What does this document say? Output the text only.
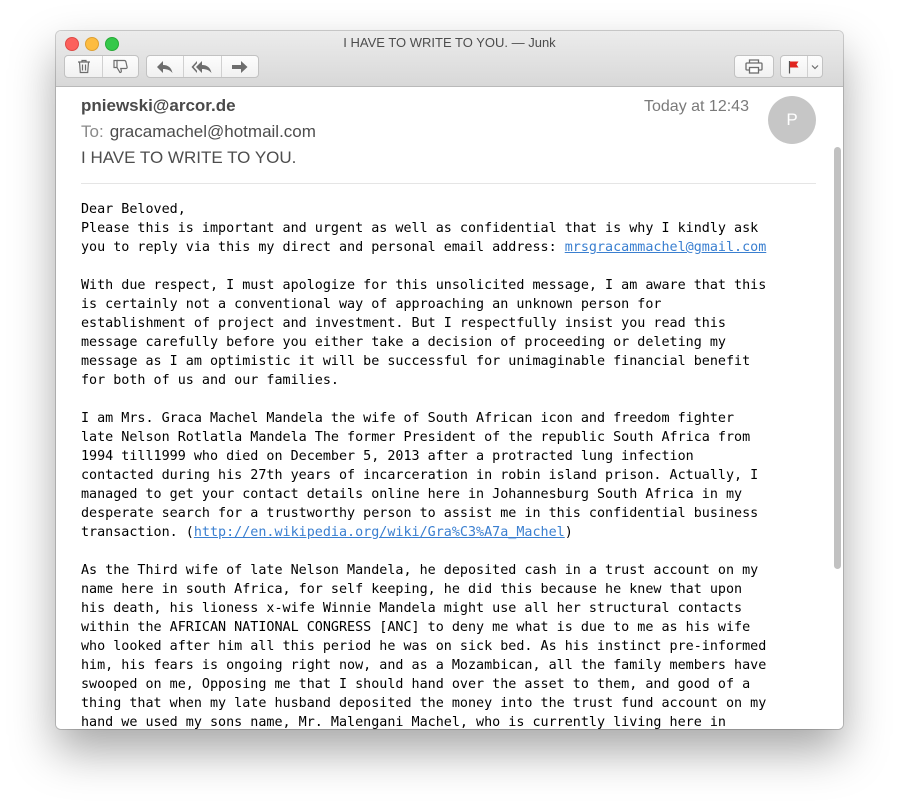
I HAVE TO WRITE TO YOU. — Junk
pniewski@arcor.de	Today at 12:43
P
To: gracamachel@hotmail.com
I HAVE TO WRITE TO YOU.
Dear Beloved,
Please this is important and urgent as well as confidential that is why I kindly ask
you to reply via this my direct and personal email address: mrsgracammachel@gmail.com
With due respect, I must apologize for this unsolicited message, I am aware that this
is certainly not a conventional way of approaching an unknown person for
establishment of project and investment. But I respectfully insist you read this
message carefully before you either take a decision of proceeding or deleting my
message as I am optimistic it will be successful for unimaginable financial benefit
for both of us and our families.
I am Mrs. Graca Machel Mandela the wife of South African icon and freedom fighter
late Nelson Rotlatla Mandela The former President of the republic South Africa from
1994 till1999 who died on December 5, 2013 after a protracted lung infection
contacted during his 27th years of incarceration in robin island prison. Actually, I
managed to get your contact details online here in Johannesburg South Africa in my
desperate search for a trustworthy person to assist me in this confidential business
transaction. (http://en.wikipedia.org/wiki/Gra%C3%A7a_Machel)
As the Third wife of late Nelson Mandela, he deposited cash in a trust account on my
name here in south Africa, for self keeping, he did this because he knew that upon
his death, his lioness x-wife Winnie Mandela might use all her structural contacts
within the AFRICAN NATIONAL CONGRESS [ANC] to deny me what is due to me as his wife
who looked after him all this period he was on sick bed. As his instinct pre-informed
him, his fears is ongoing right now, and as a Mozambican, all the family members have
swooped on me, Opposing me that I should hand over the asset to them, and good of a
thing that when my late husband deposited the money into the trust fund account on my
hand we used my sons name, Mr. Malengani Machel, who is currently living here in
